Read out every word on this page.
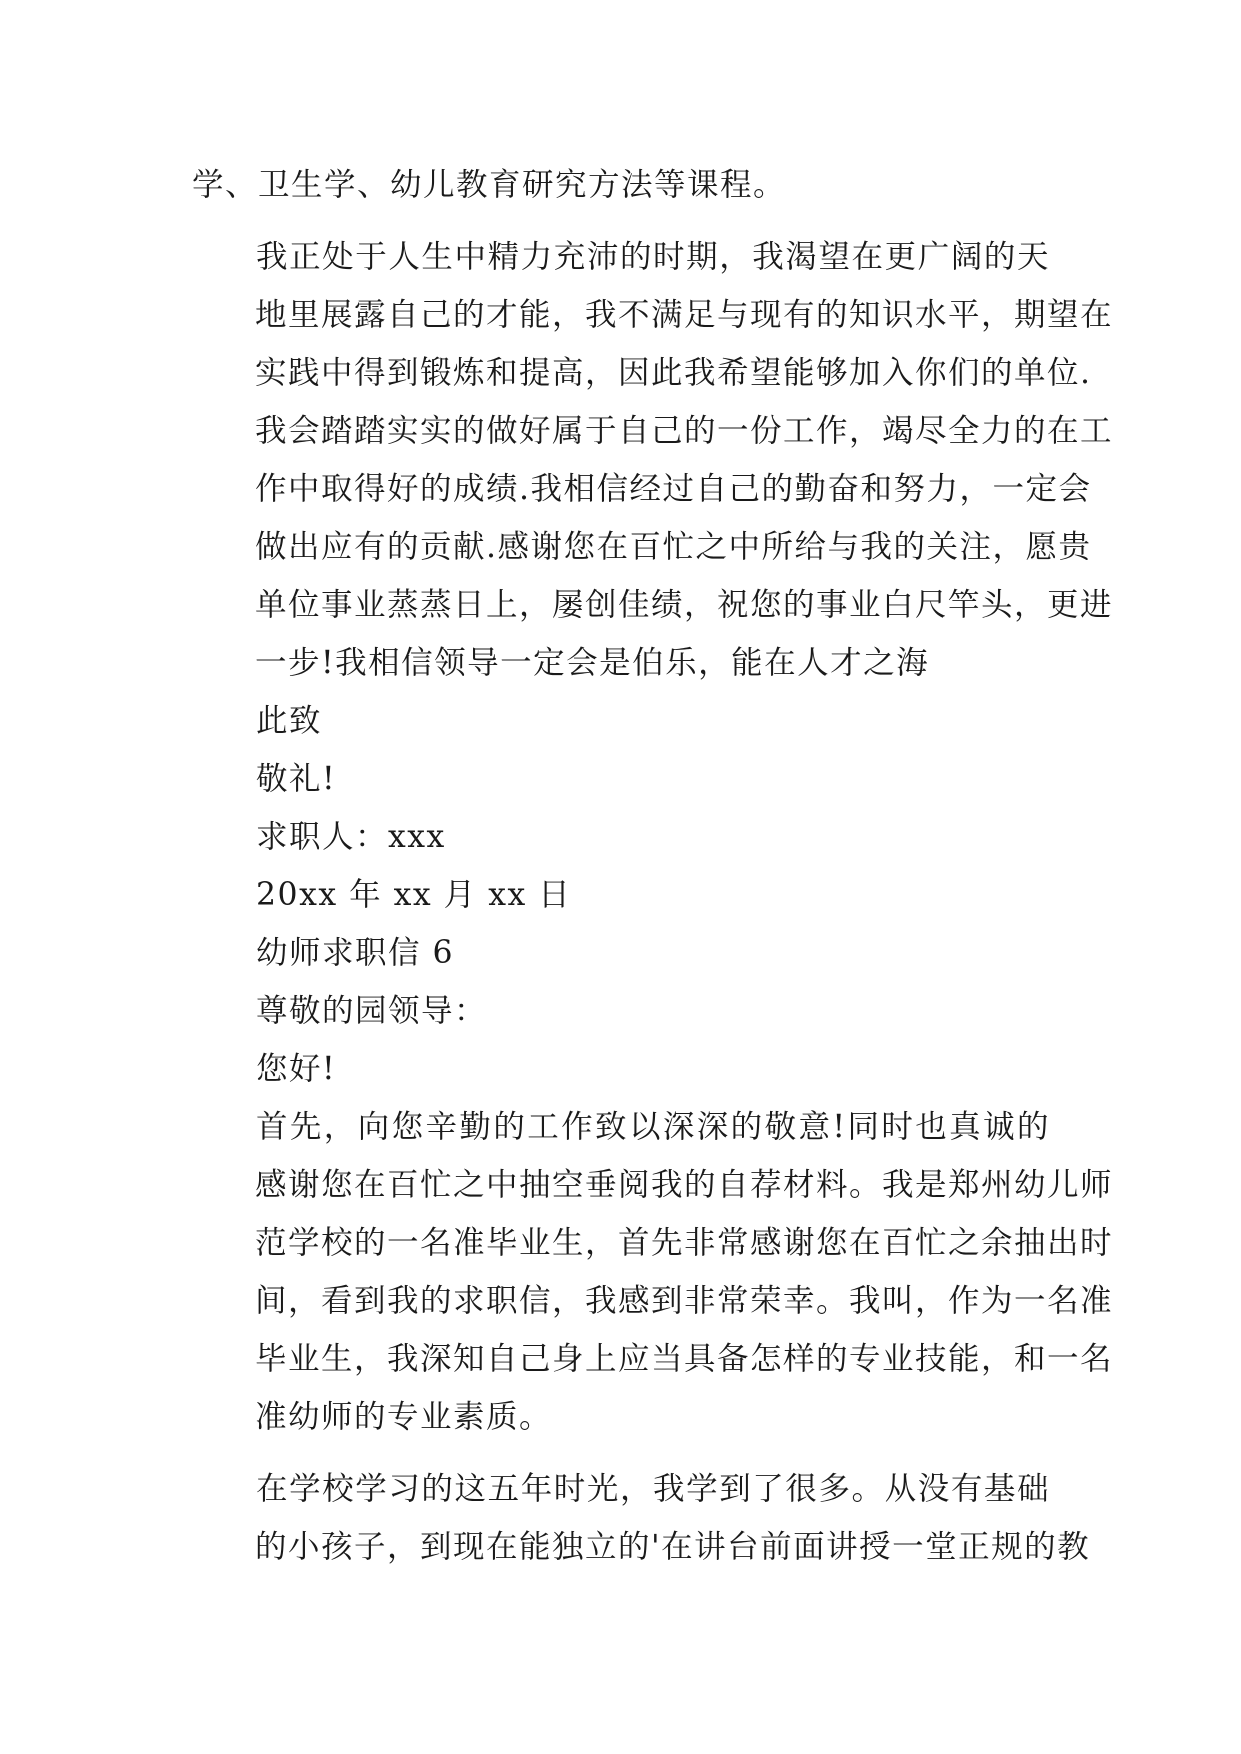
学、卫生学、幼儿教育研究方法等课程。

我正处于人生中精力充沛的时期，我渴望在更广阔的天
地里展露自己的才能，我不满足与现有的知识水平，期望在
实践中得到锻炼和提高，因此我希望能够加入你们的单位.
我会踏踏实实的做好属于自己的一份工作，竭尽全力的在工
作中取得好的成绩.我相信经过自己的勤奋和努力，一定会
做出应有的贡献.感谢您在百忙之中所给与我的关注，愿贵
单位事业蒸蒸日上，屡创佳绩，祝您的事业白尺竿头，更进
一步!我相信领导一定会是伯乐，能在人才之海

此致

敬礼!

求职人：xxx

20xx 年 xx 月 xx 日

幼师求职信 6

尊敬的园领导：

您好!

首先，向您辛勤的工作致以深深的敬意!同时也真诚的
感谢您在百忙之中抽空垂阅我的自荐材料。我是郑州幼儿师
范学校的一名准毕业生，首先非常感谢您在百忙之余抽出时
间，看到我的求职信，我感到非常荣幸。我叫，作为一名准
毕业生，我深知自己身上应当具备怎样的专业技能，和一名
准幼师的专业素质。

在学校学习的这五年时光，我学到了很多。从没有基础
的小孩子，到现在能独立的'在讲台前面讲授一堂正规的教
